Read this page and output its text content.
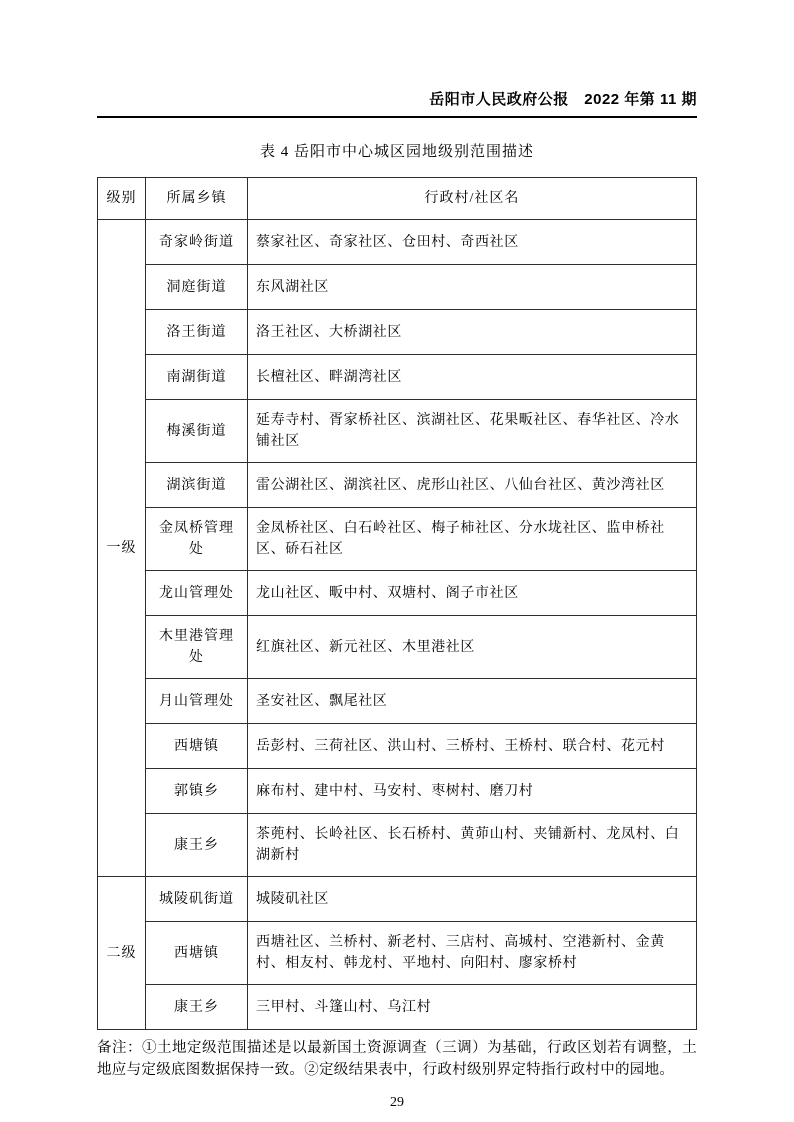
岳阳市人民政府公报　2022 年第 11 期
表 4 岳阳市中心城区园地级别范围描述
级别	所属乡镇	行政村/社区名
一级	奇家岭街道	蔡家社区、奇家社区、仓田村、奇西社区
	洞庭街道	东风湖社区
	洛王街道	洛王社区、大桥湖社区
	南湖街道	长檀社区、畔湖湾社区
	梅溪街道	延寿寺村、胥家桥社区、滨湖社区、花果畈社区、春华社区、冷水铺社区
	湖滨街道	雷公湖社区、湖滨社区、虎形山社区、八仙台社区、黄沙湾社区
	金凤桥管理处	金凤桥社区、白石岭社区、梅子柿社区、分水垅社区、监申桥社区、硚石社区
	龙山管理处	龙山社区、畈中村、双塘村、阁子市社区
	木里港管理处	红旗社区、新元社区、木里港社区
	月山管理处	圣安社区、飘尾社区
	西塘镇	岳彭村、三荷社区、洪山村、三桥村、王桥村、联合村、花元村
	郭镇乡	麻布村、建中村、马安村、枣树村、磨刀村
	康王乡	茶蔸村、长岭社区、长石桥村、黄茆山村、夹铺新村、龙凤村、白湖新村
二级	城陵矶街道	城陵矶社区
	西塘镇	西塘社区、兰桥村、新老村、三店村、高城村、空港新村、金黄村、相友村、韩龙村、平地村、向阳村、廖家桥村
	康王乡	三甲村、斗篷山村、乌江村
备注：①土地定级范围描述是以最新国土资源调查（三调）为基础，行政区划若有调整，土地应与定级底图数据保持一致。②定级结果表中，行政村级别界定特指行政村中的园地。
29
